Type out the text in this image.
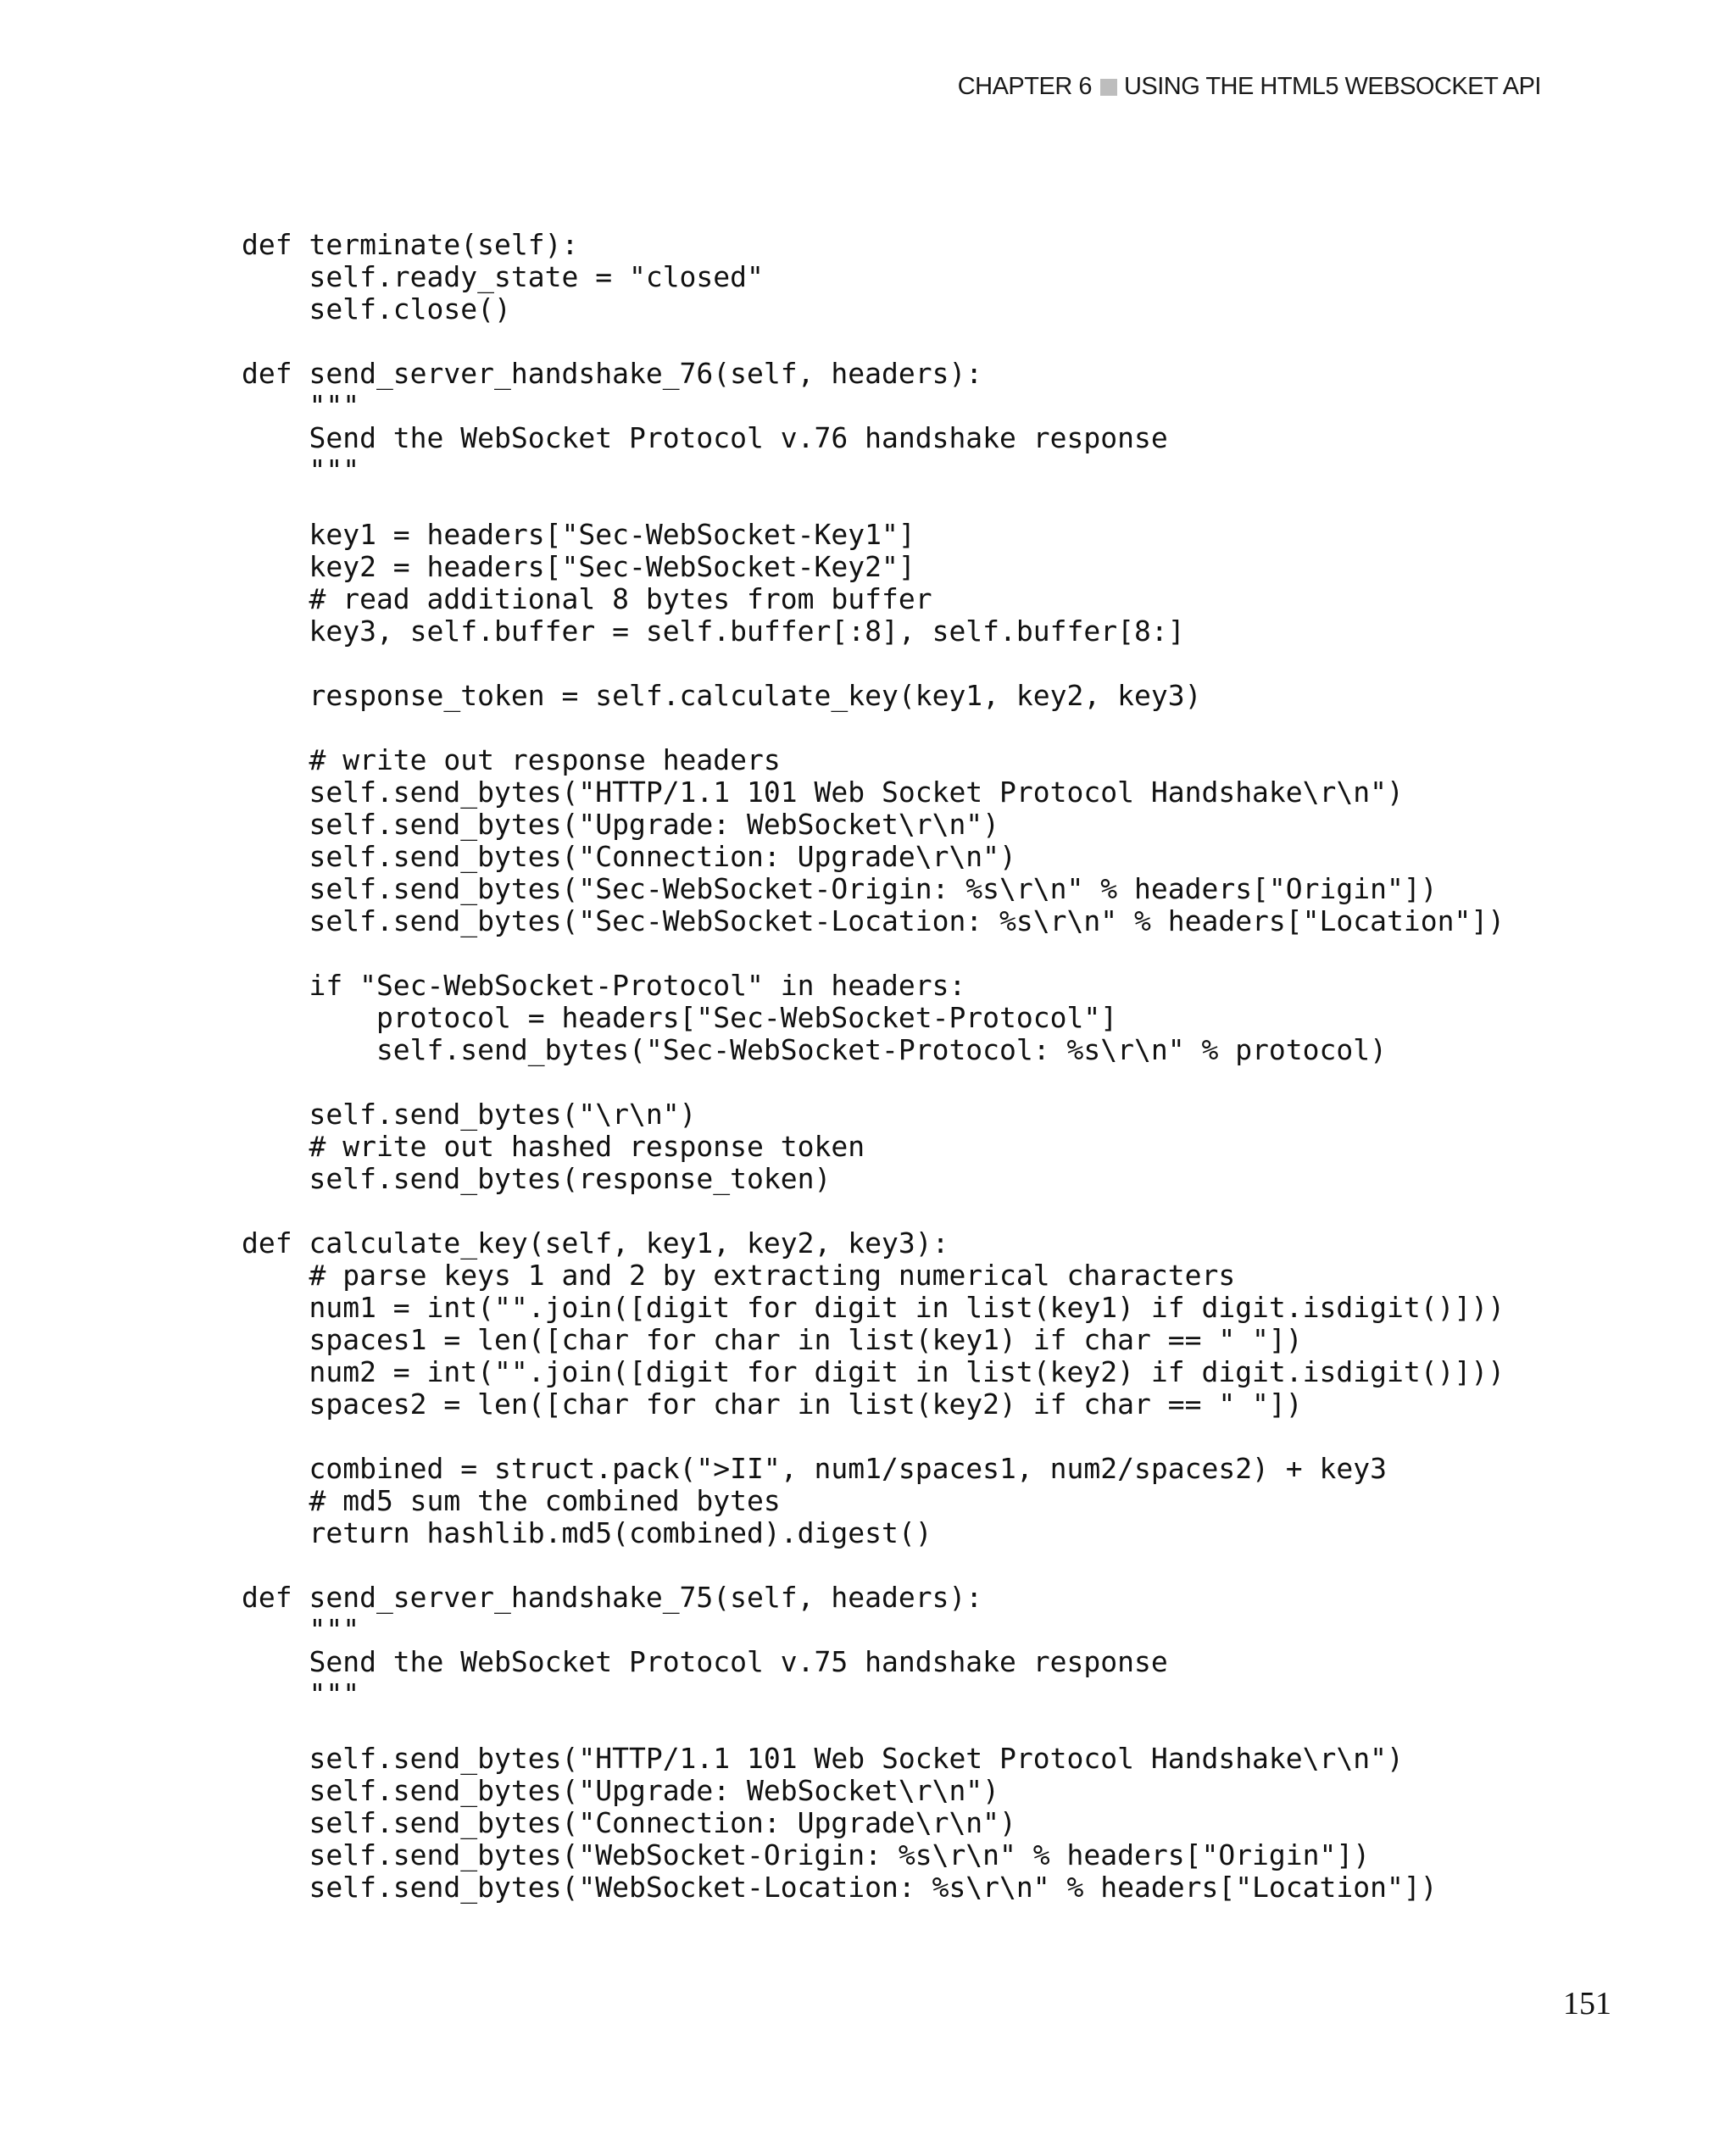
CHAPTER 6 USING THE HTML5 WEBSOCKET API
def terminate(self):
self.ready_state = "closed"
self.close()

def send_server_handshake_76(self, headers):
"""
Send the WebSocket Protocol v.76 handshake response
"""

key1 = headers["Sec-WebSocket-Key1"]
key2 = headers["Sec-WebSocket-Key2"]
# read additional 8 bytes from buffer
key3, self.buffer = self.buffer[:8], self.buffer[8:]

response_token = self.calculate_key(key1, key2, key3)

# write out response headers
self.send_bytes("HTTP/1.1 101 Web Socket Protocol Handshake\r\n")
self.send_bytes("Upgrade: WebSocket\r\n")
self.send_bytes("Connection: Upgrade\r\n")
self.send_bytes("Sec-WebSocket-Origin: %s\r\n" % headers["Origin"])
self.send_bytes("Sec-WebSocket-Location: %s\r\n" % headers["Location"])

if "Sec-WebSocket-Protocol" in headers:
protocol = headers["Sec-WebSocket-Protocol"]
self.send_bytes("Sec-WebSocket-Protocol: %s\r\n" % protocol)

self.send_bytes("\r\n")
# write out hashed response token
self.send_bytes(response_token)

def calculate_key(self, key1, key2, key3):
# parse keys 1 and 2 by extracting numerical characters
num1 = int("".join([digit for digit in list(key1) if digit.isdigit()]))
spaces1 = len([char for char in list(key1) if char == " "])
num2 = int("".join([digit for digit in list(key2) if digit.isdigit()]))
spaces2 = len([char for char in list(key2) if char == " "])

combined = struct.pack(">II", num1/spaces1, num2/spaces2) + key3
# md5 sum the combined bytes
return hashlib.md5(combined).digest()

def send_server_handshake_75(self, headers):
"""
Send the WebSocket Protocol v.75 handshake response
"""

self.send_bytes("HTTP/1.1 101 Web Socket Protocol Handshake\r\n")
self.send_bytes("Upgrade: WebSocket\r\n")
self.send_bytes("Connection: Upgrade\r\n")
self.send_bytes("WebSocket-Origin: %s\r\n" % headers["Origin"])
self.send_bytes("WebSocket-Location: %s\r\n" % headers["Location"])
151
